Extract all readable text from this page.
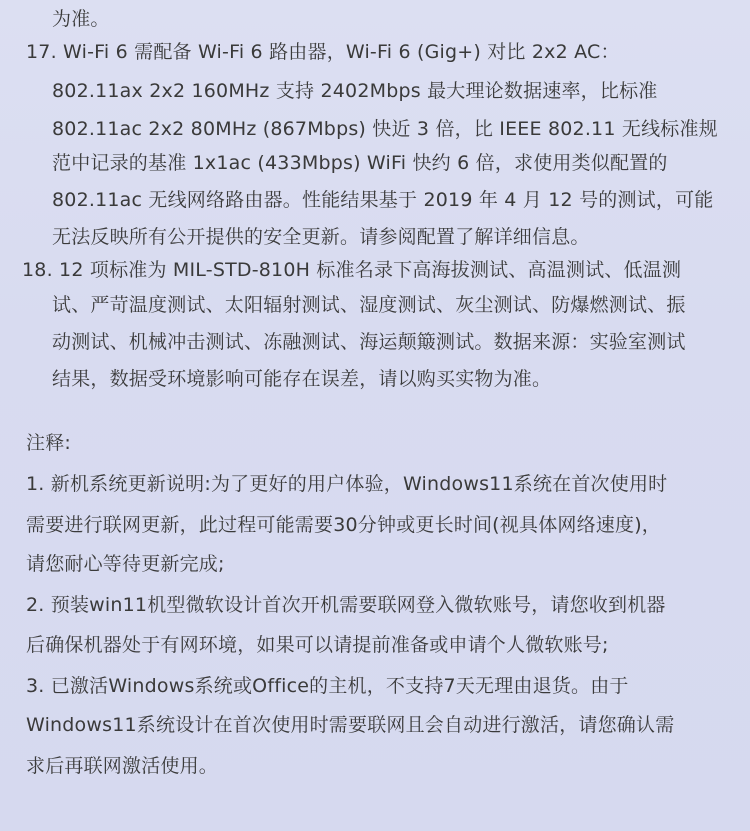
为准。
17. Wi-Fi 6 需配备 Wi-Fi 6 路由器，Wi-Fi 6 (Gig+) 对比 2x2 AC：
802.11ax 2x2 160MHz 支持 2402Mbps 最大理论数据速率，比标准
802.11ac 2x2 80MHz (867Mbps) 快近 3 倍，比 IEEE 802.11 无线标准规
范中记录的基准 1x1ac (433Mbps) WiFi 快约 6 倍，求使用类似配置的
802.11ac 无线网络路由器。性能结果基于 2019 年 4 月 12 号的测试，可能
无法反映所有公开提供的安全更新。请参阅配置了解详细信息。
18. 12 项标准为 MIL-STD-810H 标准名录下高海拔测试、高温测试、低温测
试、严苛温度测试、太阳辐射测试、湿度测试、灰尘测试、防爆燃测试、振
动测试、机械冲击测试、冻融测试、海运颠簸测试。数据来源：实验室测试
结果，数据受环境影响可能存在误差，请以购买实物为准。
注释:
1. 新机系统更新说明:为了更好的用户体验，Windows11系统在首次使用时
需要进行联网更新，此过程可能需要30分钟或更长时间(视具体网络速度)，
请您耐心等待更新完成;
2. 预装win11机型微软设计首次开机需要联网登入微软账号，请您收到机器
后确保机器处于有网环境，如果可以请提前准备或申请个人微软账号;
3. 已激活Windows系统或Office的主机，不支持7天无理由退货。由于
Windows11系统设计在首次使用时需要联网且会自动进行激活，请您确认需
求后再联网激活使用。
